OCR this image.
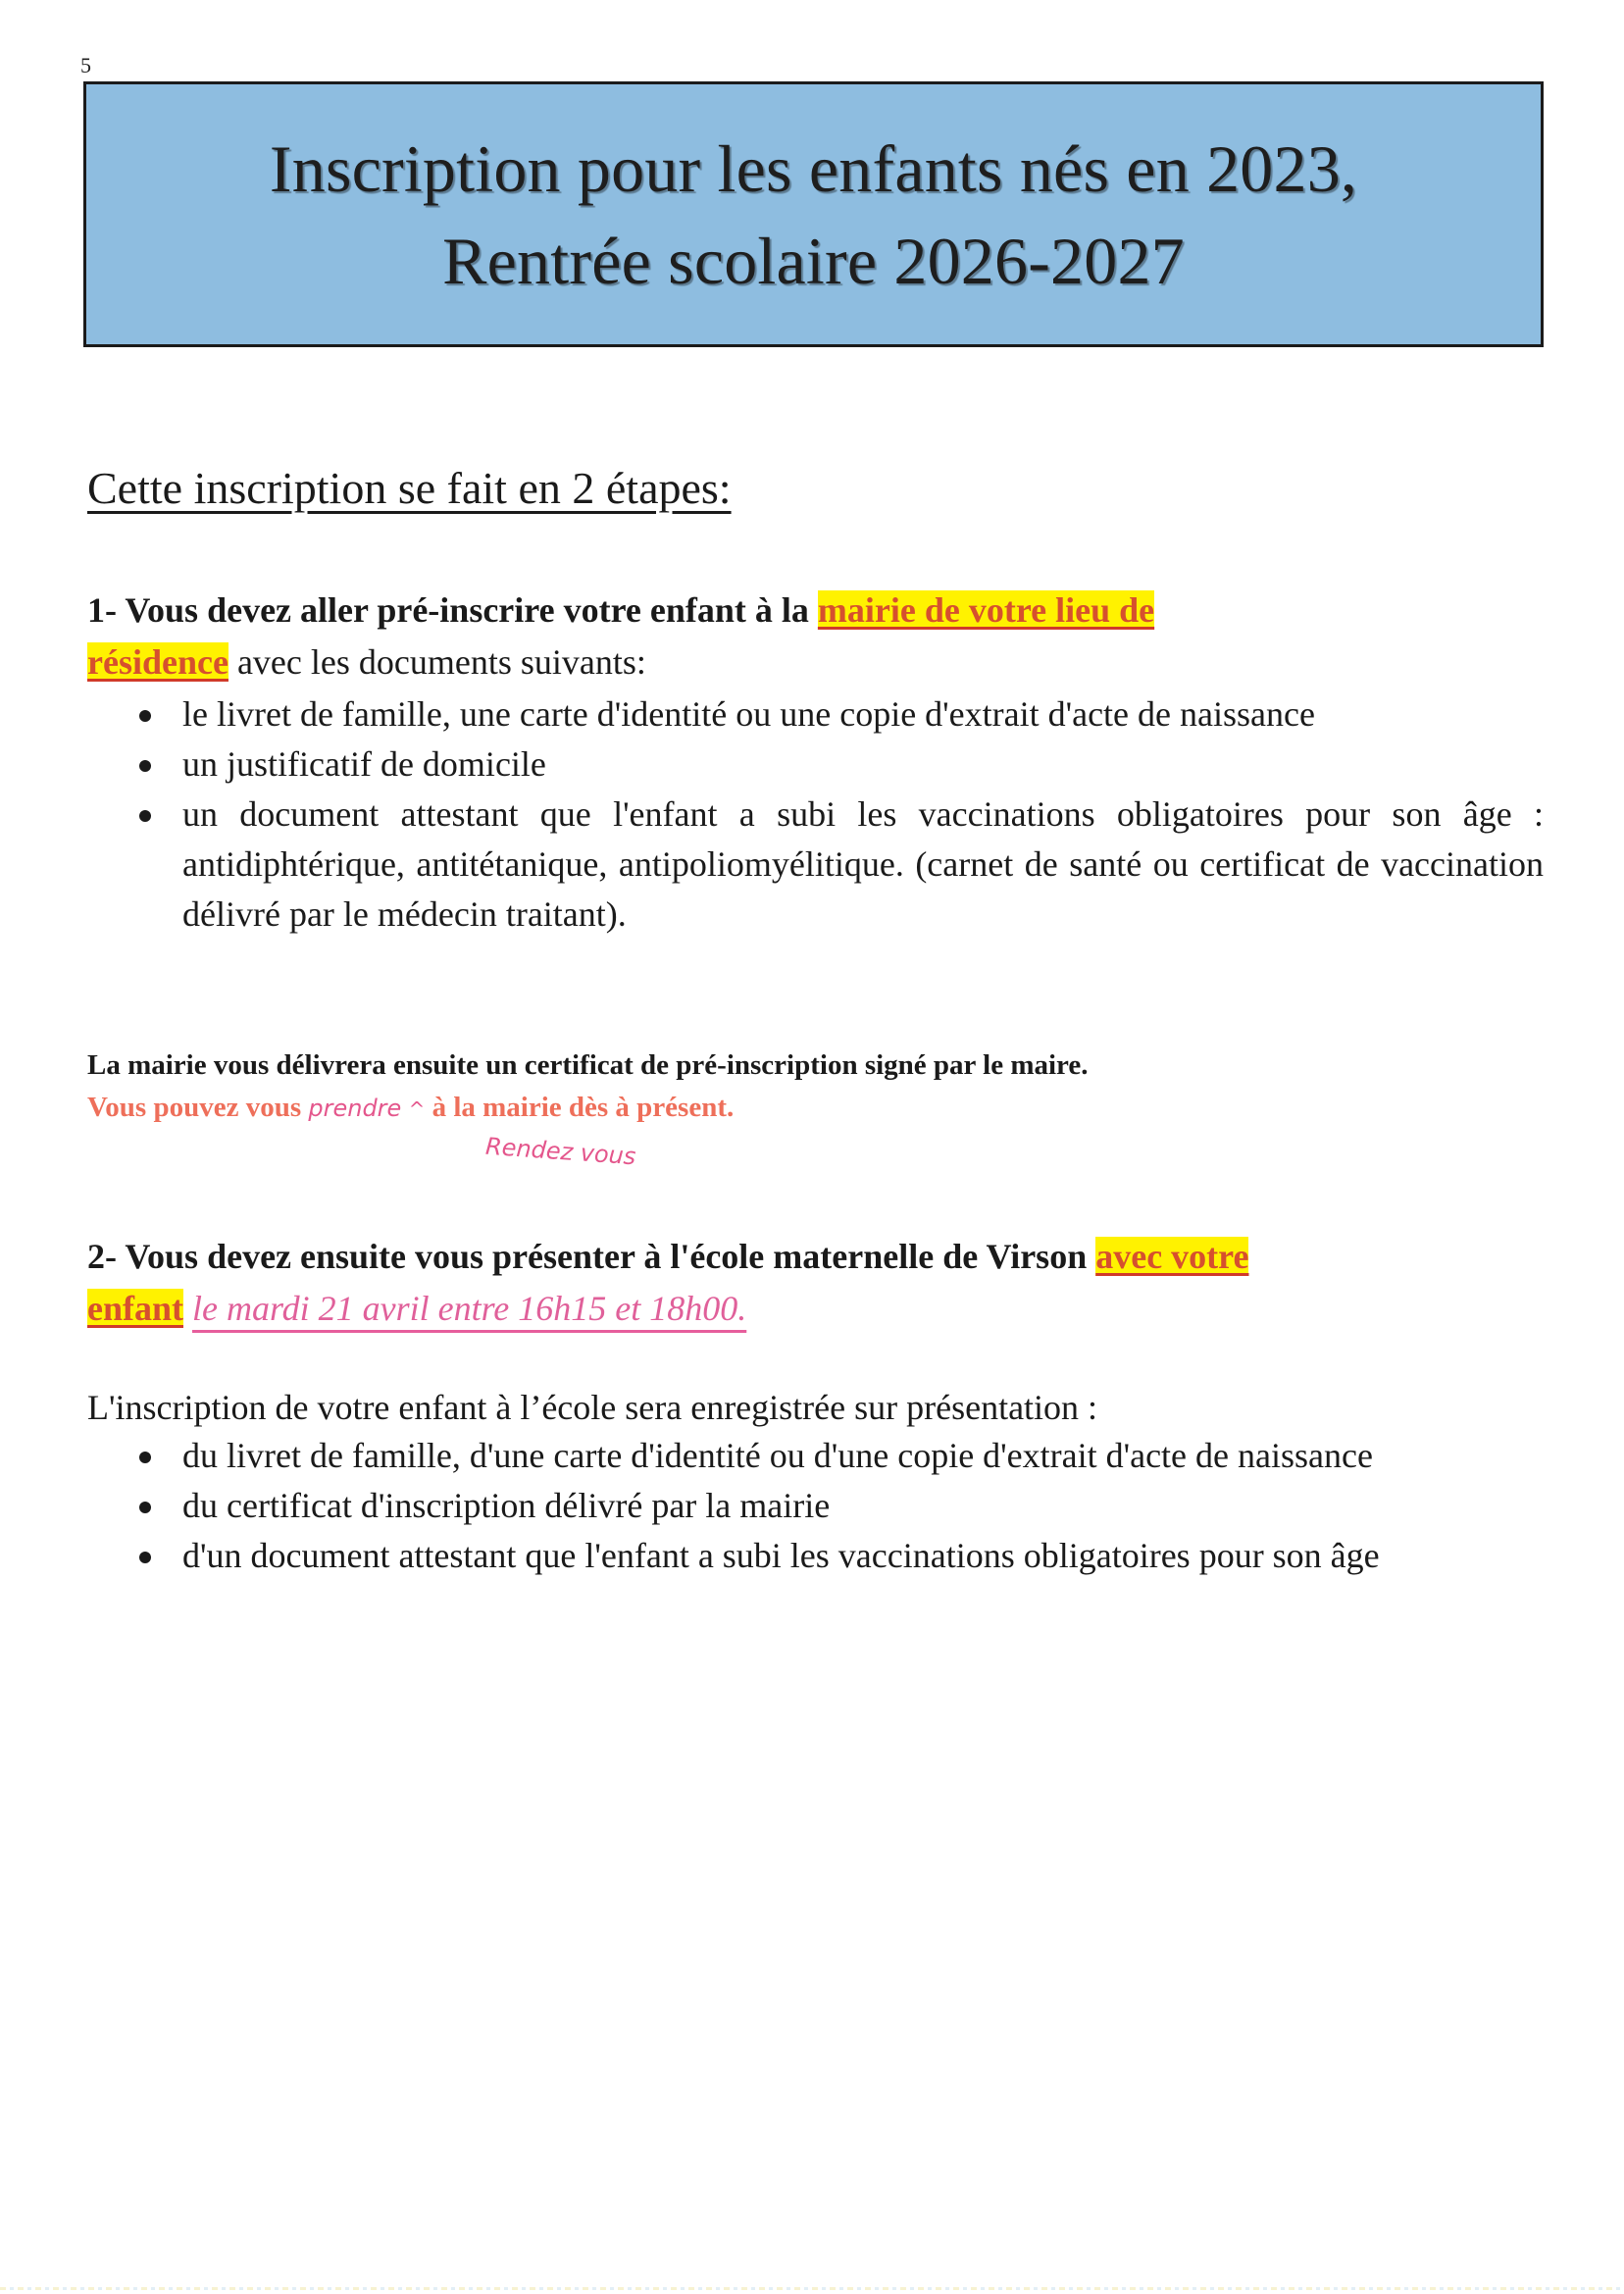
5
Inscription pour les enfants nés en 2023,
Rentrée scolaire 2026-2027
Cette inscription se fait en 2 étapes:
1- Vous devez aller pré-inscrire votre enfant à la mairie de votre lieu de
résidence avec les documents suivants:
le livret de famille, une carte d'identité ou une copie d'extrait d'acte de naissance
un justificatif de domicile
un document attestant que l'enfant a subi les vaccinations obligatoires pour son âge : antidiphtérique, antitétanique, antipoliomyélitique. (carnet de santé ou certificat de vaccination délivré par le médecin traitant).
La mairie vous délivrera ensuite un certificat de pré-inscription signé par le maire.
Vous pouvez vous prendre ^ à la mairie dès à présent.
Rendez vous
2- Vous devez ensuite vous présenter à l'école maternelle de Virson avec votre
enfant le mardi 21 avril entre 16h15 et 18h00.
L'inscription de votre enfant à l’école sera enregistrée sur présentation :
du livret de famille, d'une carte d'identité ou d'une copie d'extrait d'acte de naissance
du certificat d'inscription délivré par la mairie
d'un document attestant que l'enfant a subi les vaccinations obligatoires pour son âge
